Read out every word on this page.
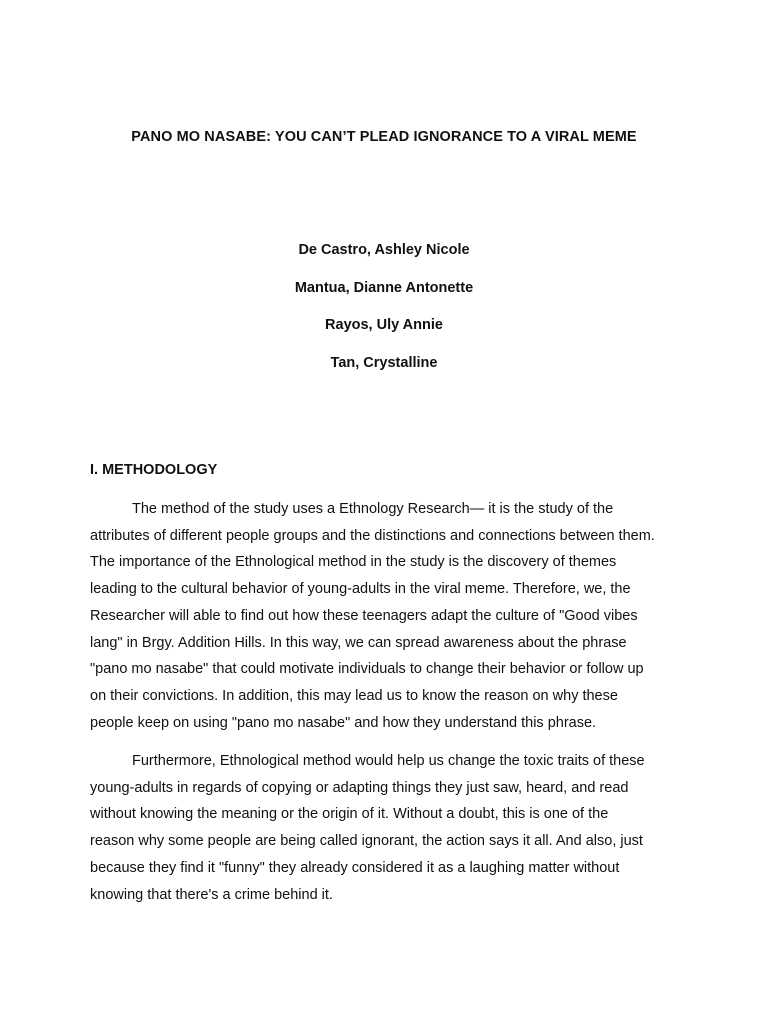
PANO MO NASABE: YOU CAN’T PLEAD IGNORANCE TO A VIRAL MEME
De Castro, Ashley Nicole
Mantua, Dianne Antonette
Rayos, Uly Annie
Tan, Crystalline
I. METHODOLOGY

The method of the study uses a Ethnology Research— it is the study of the
attributes of different people groups and the distinctions and connections between them.
The importance of the Ethnological method in the study is the discovery of themes
leading to the cultural behavior of young-adults in the viral meme. Therefore, we, the
Researcher will able to find out how these teenagers adapt the culture of "Good vibes
lang" in Brgy. Addition Hills. In this way, we can spread awareness about the phrase
"pano mo nasabe" that could motivate individuals to change their behavior or follow up
on their convictions. In addition, this may lead us to know the reason on why these
people keep on using "pano mo nasabe" and how they understand this phrase.

Furthermore, Ethnological method would help us change the toxic traits of these
young-adults in regards of copying or adapting things they just saw, heard, and read
without knowing the meaning or the origin of it. Without a doubt, this is one of the
reason why some people are being called ignorant, the action says it all. And also, just
because they find it "funny" they already considered it as a laughing matter without
knowing that there's a crime behind it.
